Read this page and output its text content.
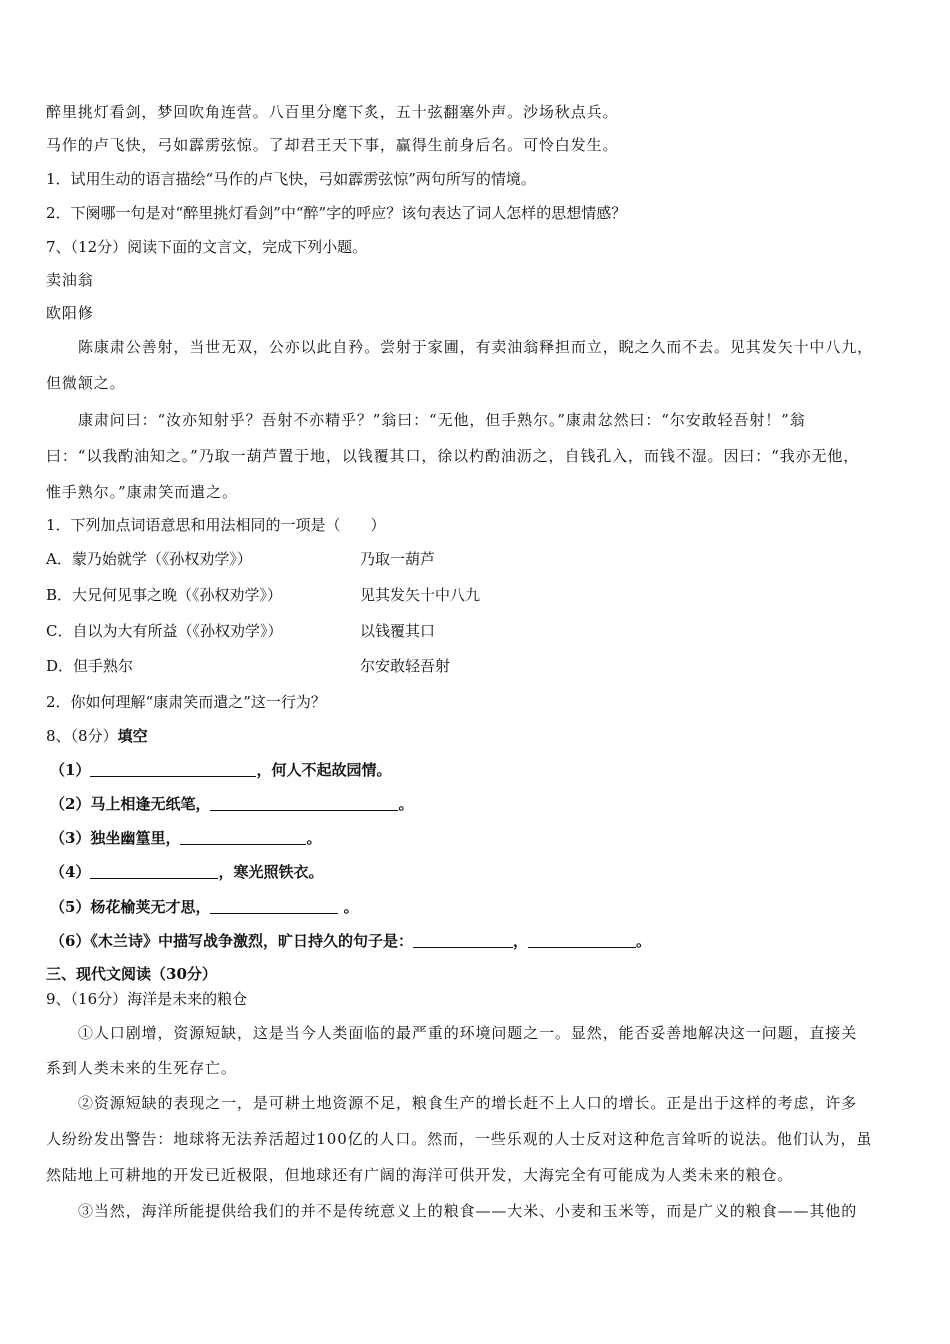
醉里挑灯看剑，梦回吹角连营。八百里分麾下炙，五十弦翻塞外声。沙场秋点兵。
马作的卢飞快，弓如霹雳弦惊。了却君王天下事，赢得生前身后名。可怜白发生。
1．试用生动的语言描绘“马作的卢飞快，弓如霹雳弦惊”两句所写的情境。
2．下阕哪一句是对“醉里挑灯看剑”中“醉”字的呼应？该句表达了词人怎样的思想情感？
7、（12分）阅读下面的文言文，完成下列小题。
卖油翁
欧阳修
陈康肃公善射，当世无双，公亦以此自矜。尝射于家圃，有卖油翁释担而立，睨之久而不去。见其发矢十中八九，
但微颔之。
康肃问曰：“汝亦知射乎？吾射不亦精乎？”翁曰：“无他，但手熟尔。”康肃忿然曰：“尔安敢轻吾射！”翁
曰：“以我酌油知之。”乃取一葫芦置于地，以钱覆其口，徐以杓酌油沥之，自钱孔入，而钱不湿。因曰：“我亦无他，
惟手熟尔。”康肃笑而遣之。
1．下列加点词语意思和用法相同的一项是（　　）
A．蒙乃始就学（《孙权劝学》）	乃取一葫芦
B．大兄何见事之晚（《孙权劝学》）	见其发矢十中八九
C．自以为大有所益（《孙权劝学》）	以钱覆其口
D．但手熟尔	尔安敢轻吾射
2．你如何理解“康肃笑而遣之”这一行为？
8、（8分）填空
（1）	，何人不起故园情。
（2）马上相逢无纸笔，	。
（3）独坐幽篁里，	。
（4）	，寒光照铁衣。
（5）杨花榆荚无才思，	。
（6）《木兰诗》中描写战争激烈，旷日持久的句子是：	，	。
三、现代文阅读（30分）
9、（16分）海洋是未来的粮仓
①人口剧增，资源短缺，这是当今人类面临的最严重的环境问题之一。显然，能否妥善地解决这一问题，直接关
系到人类未来的生死存亡。
②资源短缺的表现之一，是可耕土地资源不足，粮食生产的增长赶不上人口的增长。正是出于这样的考虑，许多
人纷纷发出警告：地球将无法养活超过100亿的人口。然而，一些乐观的人士反对这种危言耸听的说法。他们认为，虽
然陆地上可耕地的开发已近极限，但地球还有广阔的海洋可供开发，大海完全有可能成为人类未来的粮仓。
③当然，海洋所能提供给我们的并不是传统意义上的粮食——大米、小麦和玉米等，而是广义的粮食——其他的
